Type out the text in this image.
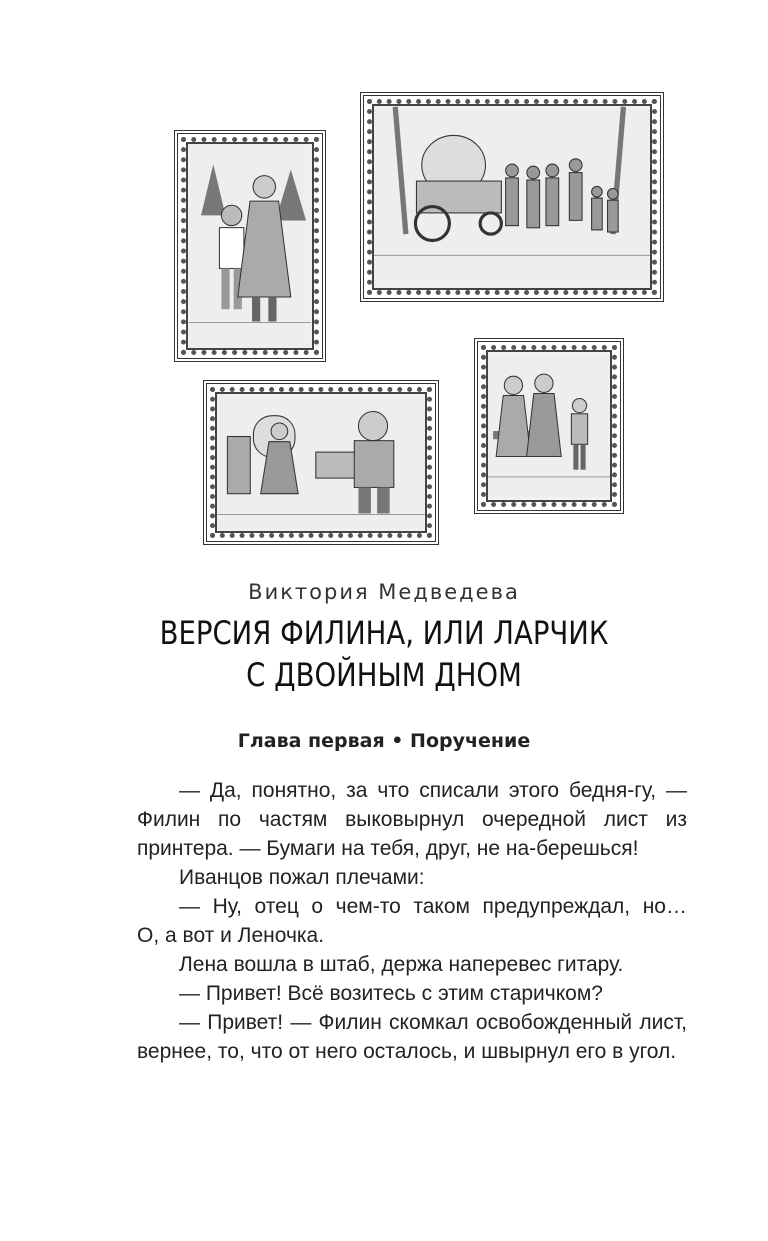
Виктория Медведева
ВЕРСИЯ ФИЛИНА, ИЛИ ЛАРЧИК
С ДВОЙНЫМ ДНОМ
Глава первая • Поручение

— Да, понятно, за что списали этого бедня-гу, — Филин по частям выковырнул очередной лист из принтера. — Бумаги на тебя, друг, не на-берешься!

Иванцов пожал плечами:

— Ну, отец о чем-то таком предупреждал, но…

О, а вот и Леночка.

Лена вошла в штаб, держа наперевес гитару.

— Привет! Всё возитесь с этим старичком?

— Привет! — Филин скомкал освобожденный лист, вернее, то, что от него осталось, и швырнул его в угол.
